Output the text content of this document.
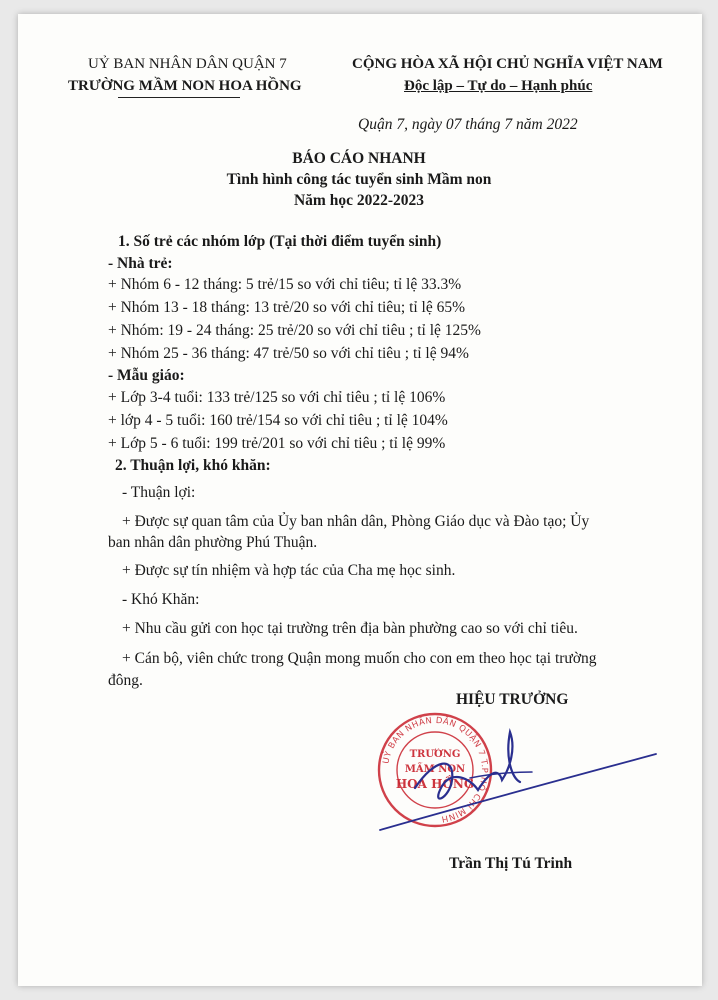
UỶ BAN NHÂN DÂN QUẬN 7
TRƯỜNG MẦM NON HOA HỒNG
CỘNG HÒA XÃ HỘI CHỦ NGHĨA VIỆT NAM
Độc lập – Tự do – Hạnh phúc
Quận 7, ngày 07 tháng 7 năm 2022
BÁO CÁO NHANH
Tình hình công tác tuyển sinh Mầm non
Năm học 2022-2023
1. Số trẻ các nhóm lớp (Tại thời điểm tuyển sinh)
- Nhà trẻ:
+ Nhóm 6 - 12 tháng: 5 trẻ/15 so với chỉ tiêu; tỉ lệ 33.3%
+ Nhóm 13 - 18 tháng: 13 trẻ/20 so với chỉ tiêu; tỉ lệ 65%
+ Nhóm: 19 - 24 tháng: 25 trẻ/20 so với chỉ tiêu ; tỉ lệ 125%
+ Nhóm 25 - 36 tháng: 47 trẻ/50 so với chỉ tiêu ; tỉ lệ 94%
- Mẫu giáo:
+ Lớp 3-4 tuổi: 133 trẻ/125 so với chỉ tiêu ; tỉ lệ 106%
+ lớp 4 - 5 tuổi: 160 trẻ/154 so với chỉ tiêu ; tỉ lệ 104%
+ Lớp 5 - 6 tuổi: 199 trẻ/201 so với chỉ tiêu ; tỉ lệ 99%
2. Thuận lợi, khó khăn:
- Thuận lợi:
+ Được sự quan tâm của Ủy ban nhân dân, Phòng Giáo dục và Đào tạo; Ủy
ban nhân dân phường Phú Thuận.
+ Được sự tín nhiệm và hợp tác của Cha mẹ học sinh.
- Khó Khăn:
+ Nhu cầu gửi con học tại trường trên địa bàn phường cao so với chỉ tiêu.
+ Cán bộ, viên chức trong Quận mong muốn cho con em theo học tại trường
đông.
HIỆU TRƯỞNG
UỶ BAN NHÂN DÂN QUẬN 7 T.P HỒ CHÍ MINH
TRƯỜNG
MẦM NON
HOA HỒNG
Trần Thị Tú Trinh
